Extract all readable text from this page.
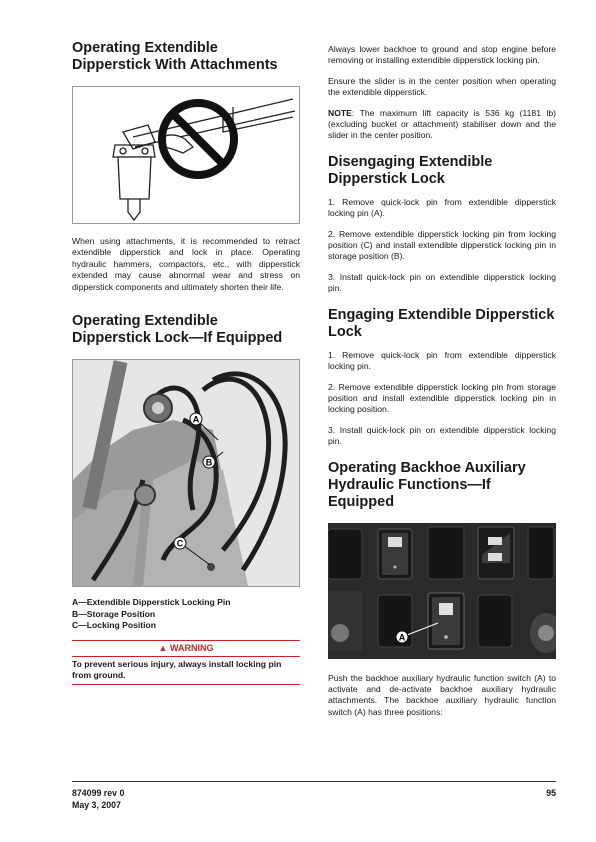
Operating Extendible Dipperstick With Attachments

When using attachments, it is recommended to retract extendible dipperstick and lock in place. Operating hydraulic hammers, compactors, etc., with dipperstick extended may cause abnormal wear and stress on dipperstick components and ultimately shorten their life.

Operating Extendible Dipperstick Lock—If Equipped
A
B
C
A—Extendible Dipperstick Locking Pin
B—Storage Position
C—Locking Position
▲ WARNING
To prevent serious injury, always install locking pin from ground.

Always lower backhoe to ground and stop engine before removing or installing extendible dipperstick locking pin.

Ensure the slider is in the center position when operating the extendible dipperstick.

NOTE: The maximum lift capacity is 536 kg (1181 lb) (excluding bucket or attachment) stabiliser down and the slider in the center position.

Disengaging Extendible Dipperstick Lock

1. Remove quick-lock pin from extendible dipperstick locking pin (A).

2. Remove extendible dipperstick locking pin from locking position (C) and install extendible dipperstick locking pin in storage position (B).

3. Install quick-lock pin on extendible dipperstick locking pin.

Engaging Extendible Dipperstick Lock

1. Remove quick-lock pin from extendible dipperstick locking pin.

2. Remove extendible dipperstick locking pin from storage position and install extendible dipperstick locking pin in locking position.

3. Install quick-lock pin on extendible dipperstick locking pin.

Operating Backhoe Auxiliary Hydraulic Functions—If Equipped
A

Push the backhoe auxiliary hydraulic function switch (A) to activate and de-activate backhoe auxiliary hydraulic attachments. The backhoe auxiliary hydraulic function switch (A) has three positions:

874099 rev 0
May 3, 2007
95
